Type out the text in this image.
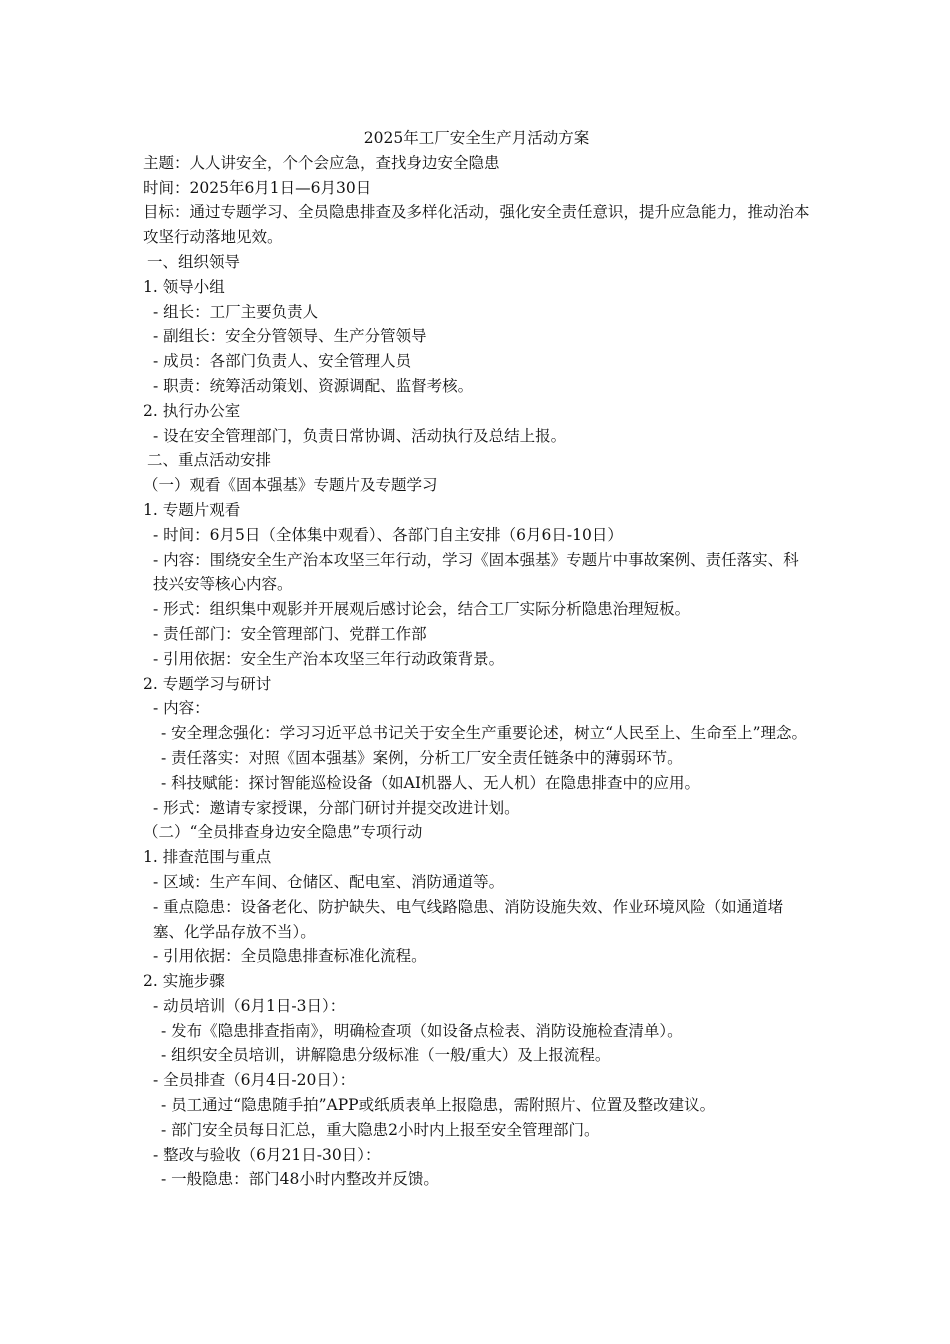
2025年工厂安全生产月活动方案

主题：人人讲安全，个个会应急，查找身边安全隐患

时间：2025年6月1日—6月30日

目标：通过专题学习、全员隐患排查及多样化活动，强化安全责任意识，提升应急能力，推动治本攻坚行动落地见效。

一、组织领导

1. 领导小组

- 组长：工厂主要负责人

- 副组长：安全分管领导、生产分管领导

- 成员：各部门负责人、安全管理人员

- 职责：统筹活动策划、资源调配、监督考核。

2. 执行办公室

- 设在安全管理部门，负责日常协调、活动执行及总结上报。

二、重点活动安排

（一）观看《固本强基》专题片及专题学习

1. 专题片观看

- 时间：6月5日（全体集中观看）、各部门自主安排（6月6日-10日）

- 内容：围绕安全生产治本攻坚三年行动，学习《固本强基》专题片中事故案例、责任落实、科技兴安等核心内容。

- 形式：组织集中观影并开展观后感讨论会，结合工厂实际分析隐患治理短板。

- 责任部门：安全管理部门、党群工作部

- 引用依据：安全生产治本攻坚三年行动政策背景。

2. 专题学习与研讨

- 内容：

- 安全理念强化：学习习近平总书记关于安全生产重要论述，树立“人民至上、生命至上”理念。

- 责任落实：对照《固本强基》案例，分析工厂安全责任链条中的薄弱环节。

- 科技赋能：探讨智能巡检设备（如AI机器人、无人机）在隐患排查中的应用。

- 形式：邀请专家授课，分部门研讨并提交改进计划。

（二）“全员排查身边安全隐患”专项行动

1. 排查范围与重点

- 区域：生产车间、仓储区、配电室、消防通道等。

- 重点隐患：设备老化、防护缺失、电气线路隐患、消防设施失效、作业环境风险（如通道堵塞、化学品存放不当）。

- 引用依据：全员隐患排查标准化流程。

2. 实施步骤

- 动员培训（6月1日-3日）：

- 发布《隐患排查指南》，明确检查项（如设备点检表、消防设施检查清单）。

- 组织安全员培训，讲解隐患分级标准（一般/重大）及上报流程。

- 全员排查（6月4日-20日）：

- 员工通过“隐患随手拍”APP或纸质表单上报隐患，需附照片、位置及整改建议。

- 部门安全员每日汇总，重大隐患2小时内上报至安全管理部门。

- 整改与验收（6月21日-30日）：

- 一般隐患：部门48小时内整改并反馈。
